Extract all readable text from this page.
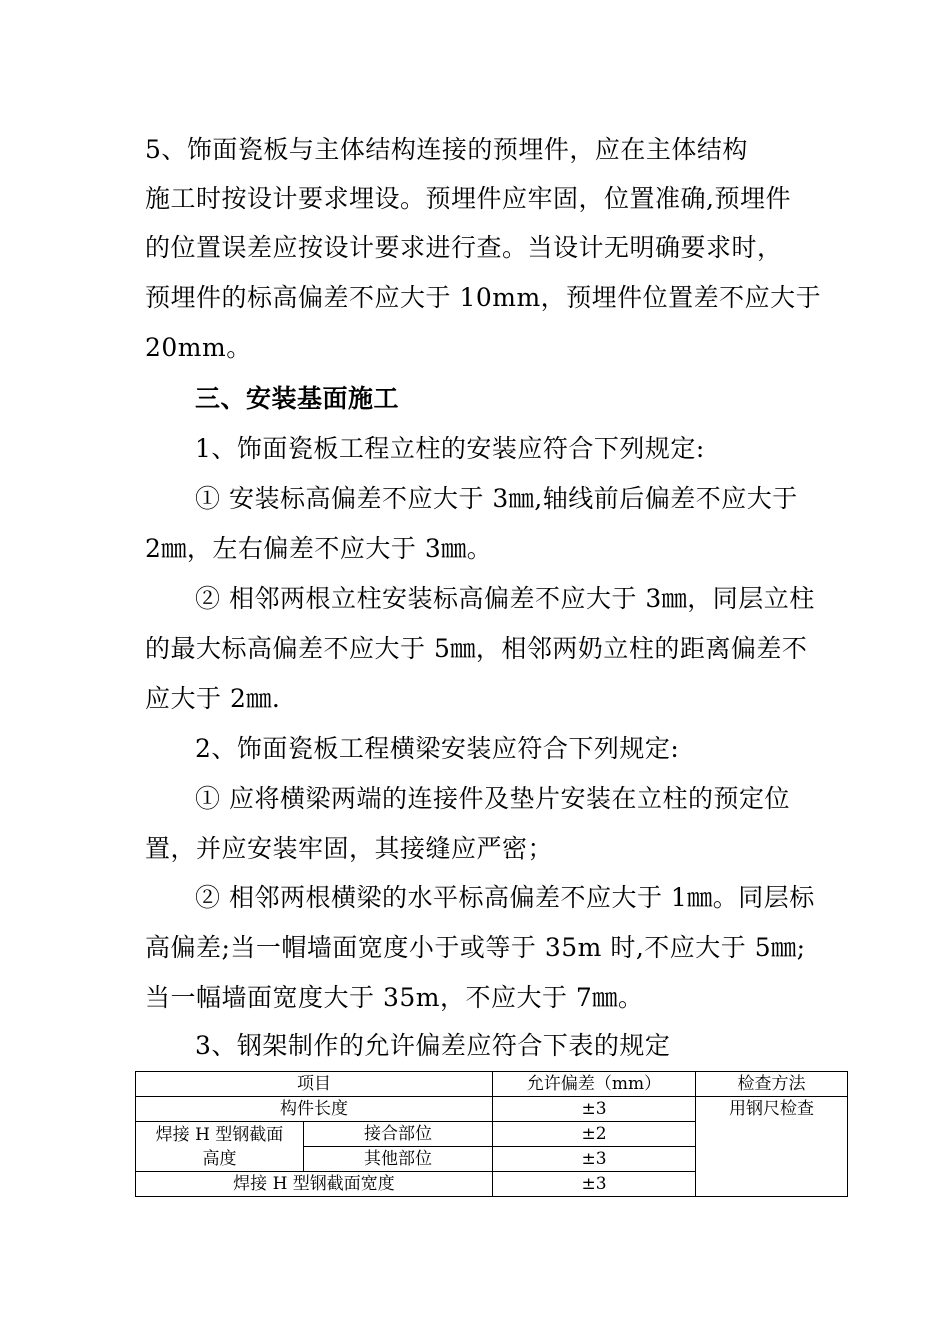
5、饰面瓷板与主体结构连接的预埋件，应在主体结构
施工时按设计要求埋设。预埋件应牢固，位置准确,预埋件
的位置误差应按设计要求进行查。当设计无明确要求时，
预埋件的标高偏差不应大于 10mm，预埋件位置差不应大于
20mm。
三、安装基面施工
1、饰面瓷板工程立柱的安装应符合下列规定:
① 安装标高偏差不应大于 3㎜,轴线前后偏差不应大于
2㎜，左右偏差不应大于 3㎜。
② 相邻两根立柱安装标高偏差不应大于 3㎜，同层立柱
的最大标高偏差不应大于 5㎜，相邻两奶立柱的距离偏差不
应大于 2㎜.
2、饰面瓷板工程横梁安装应符合下列规定:
① 应将横梁两端的连接件及垫片安装在立柱的预定位
置，并应安装牢固，其接缝应严密；
② 相邻两根横梁的水平标高偏差不应大于 1㎜。同层标
高偏差;当一帽墙面宽度小于或等于 35m 时,不应大于 5㎜;
当一幅墙面宽度大于 35m，不应大于 7㎜。
3、钢架制作的允许偏差应符合下表的规定
项目		允许偏差（mm）	检查方法
构件长度		±3	用钢尺检查
焊接 H 型钢截面高度	接合部位	±2	
	其他部位	±3	
焊接 H 型钢截面宽度		±3	
